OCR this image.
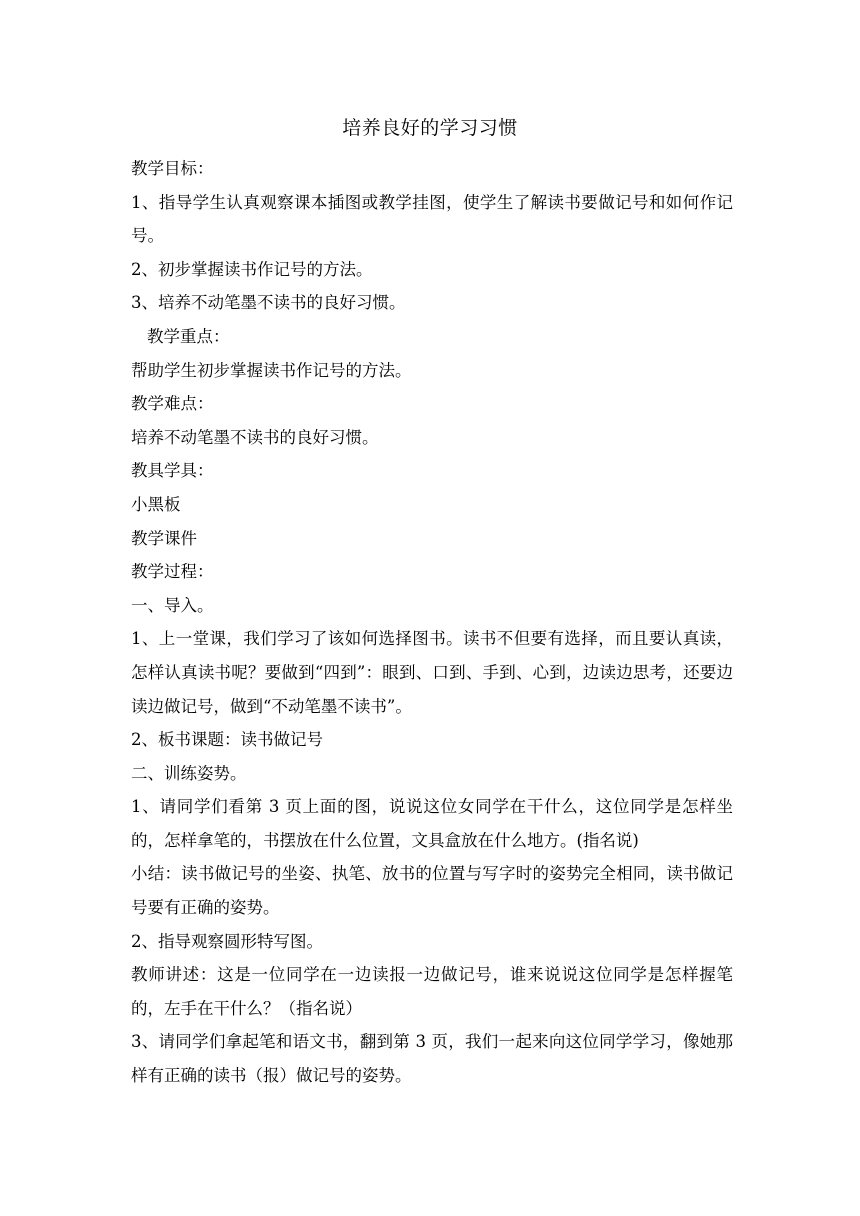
培养良好的学习习惯

教学目标：

1、指导学生认真观察课本插图或教学挂图，使学生了解读书要做记号和如何作记号。

2、初步掌握读书作记号的方法。

3、培养不动笔墨不读书的良好习惯。

教学重点：

帮助学生初步掌握读书作记号的方法。

教学难点：

培养不动笔墨不读书的良好习惯。

教具学具：

小黑板

教学课件

教学过程：

一、导入。

1、上一堂课，我们学习了该如何选择图书。读书不但要有选择，而且要认真读，怎样认真读书呢？要做到“四到”：眼到、口到、手到、心到，边读边思考，还要边读边做记号，做到“不动笔墨不读书”。

2、板书课题：读书做记号

二、训练姿势。

1、请同学们看第 3 页上面的图，说说这位女同学在干什么，这位同学是怎样坐的，怎样拿笔的，书摆放在什么位置，文具盒放在什么地方。(指名说)

小结：读书做记号的坐姿、执笔、放书的位置与写字时的姿势完全相同，读书做记号要有正确的姿势。

2、指导观察圆形特写图。

教师讲述：这是一位同学在一边读报一边做记号，谁来说说这位同学是怎样握笔的，左手在干什么？（指名说）

3、请同学们拿起笔和语文书，翻到第 3 页，我们一起来向这位同学学习，像她那样有正确的读书（报）做记号的姿势。
